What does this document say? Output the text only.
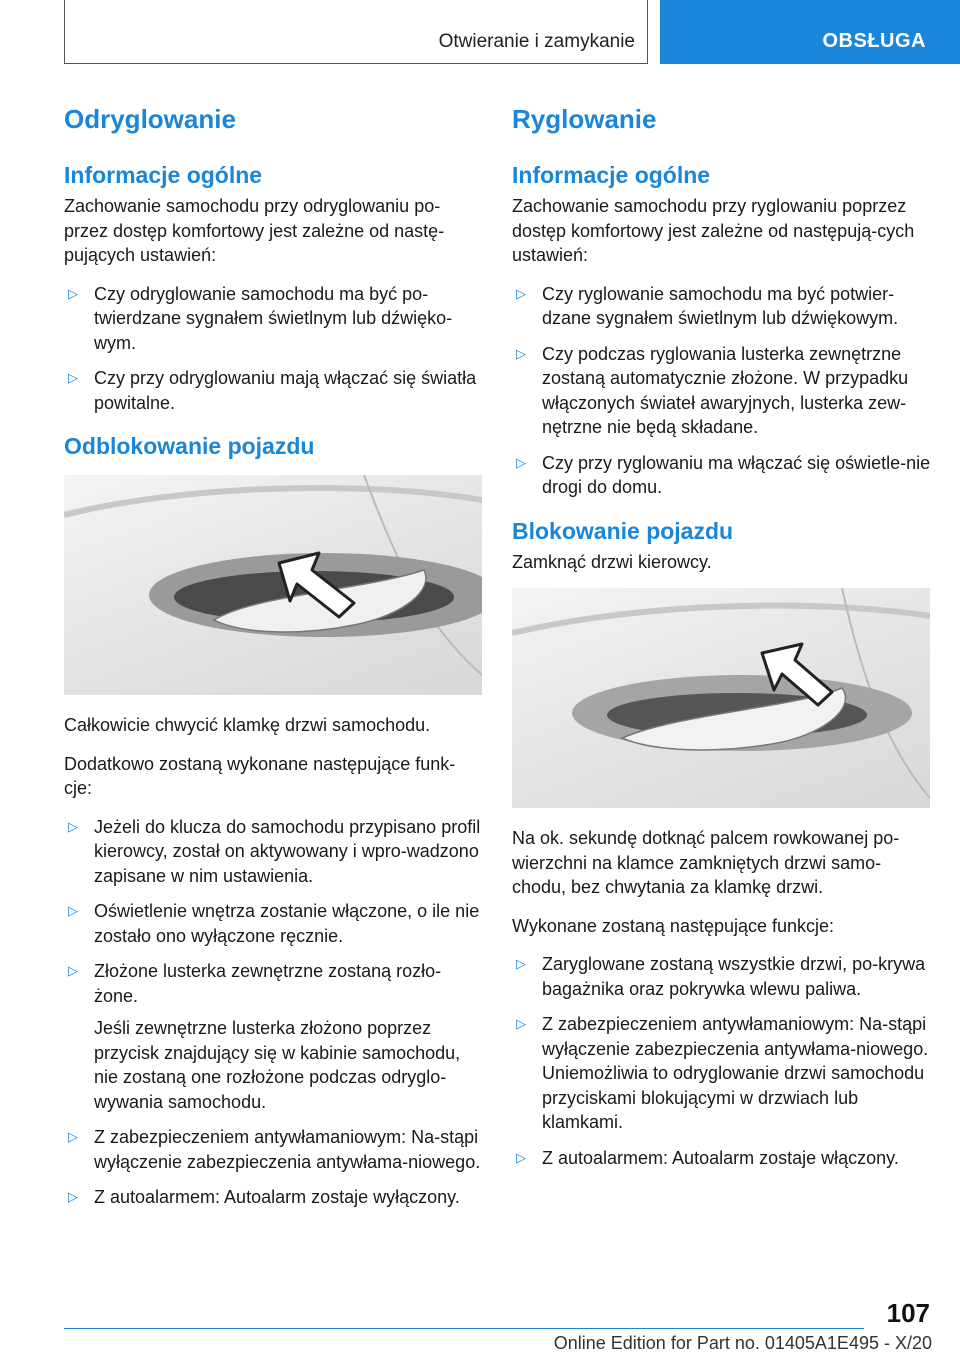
Otwieranie i zamykanie	OBSŁUGA
Odryglowanie
Informacje ogólne

Zachowanie samochodu przy odryglowaniu po-przez dostęp komfortowy jest zależne od nastę-pujących ustawień:

▷ Czy odryglowanie samochodu ma być po-twierdzane sygnałem świetlnym lub dźwięko-wym.
▷ Czy przy odryglowaniu mają włączać się światła powitalne.
Odblokowanie pojazdu

Całkowicie chwycić klamkę drzwi samochodu.

Dodatkowo zostaną wykonane następujące funk-cje:

▷ Jeżeli do klucza do samochodu przypisano profil kierowcy, został on aktywowany i wpro-wadzono zapisane w nim ustawienia.
▷ Oświetlenie wnętrza zostanie włączone, o ile nie zostało ono wyłączone ręcznie.
▷ Złożone lusterka zewnętrzne zostaną rozło-żone.
Jeśli zewnętrzne lusterka złożono poprzez przycisk znajdujący się w kabinie samochodu, nie zostaną one rozłożone podczas odryglo-wywania samochodu.
▷ Z zabezpieczeniem antywłamaniowym: Na-stąpi wyłączenie zabezpieczenia antywłama-niowego.
▷ Z autoalarmem: Autoalarm zostaje wyłączony.
Ryglowanie
Informacje ogólne

Zachowanie samochodu przy ryglowaniu poprzez dostęp komfortowy jest zależne od następują-cych ustawień:

▷ Czy ryglowanie samochodu ma być potwier-dzane sygnałem świetlnym lub dźwiękowym.
▷ Czy podczas ryglowania lusterka zewnętrzne zostaną automatycznie złożone. W przypadku włączonych świateł awaryjnych, lusterka zew-nętrzne nie będą składane.
▷ Czy przy ryglowaniu ma włączać się oświetle-nie drogi do domu.
Blokowanie pojazdu

Zamknąć drzwi kierowcy.

Na ok. sekundę dotknąć palcem rowkowanej po-wierzchni na klamce zamkniętych drzwi samo-chodu, bez chwytania za klamkę drzwi.

Wykonane zostaną następujące funkcje:

▷ Zaryglowane zostaną wszystkie drzwi, po-krywa bagażnika oraz pokrywka wlewu paliwa.
▷ Z zabezpieczeniem antywłamaniowym: Na-stąpi wyłączenie zabezpieczenia antywłama-niowego. Uniemożliwia to odryglowanie drzwi samochodu przyciskami blokującymi w drzwiach lub klamkami.
▷ Z autoalarmem: Autoalarm zostaje włączony.
107
Online Edition for Part no. 01405A1E495 - X/20
